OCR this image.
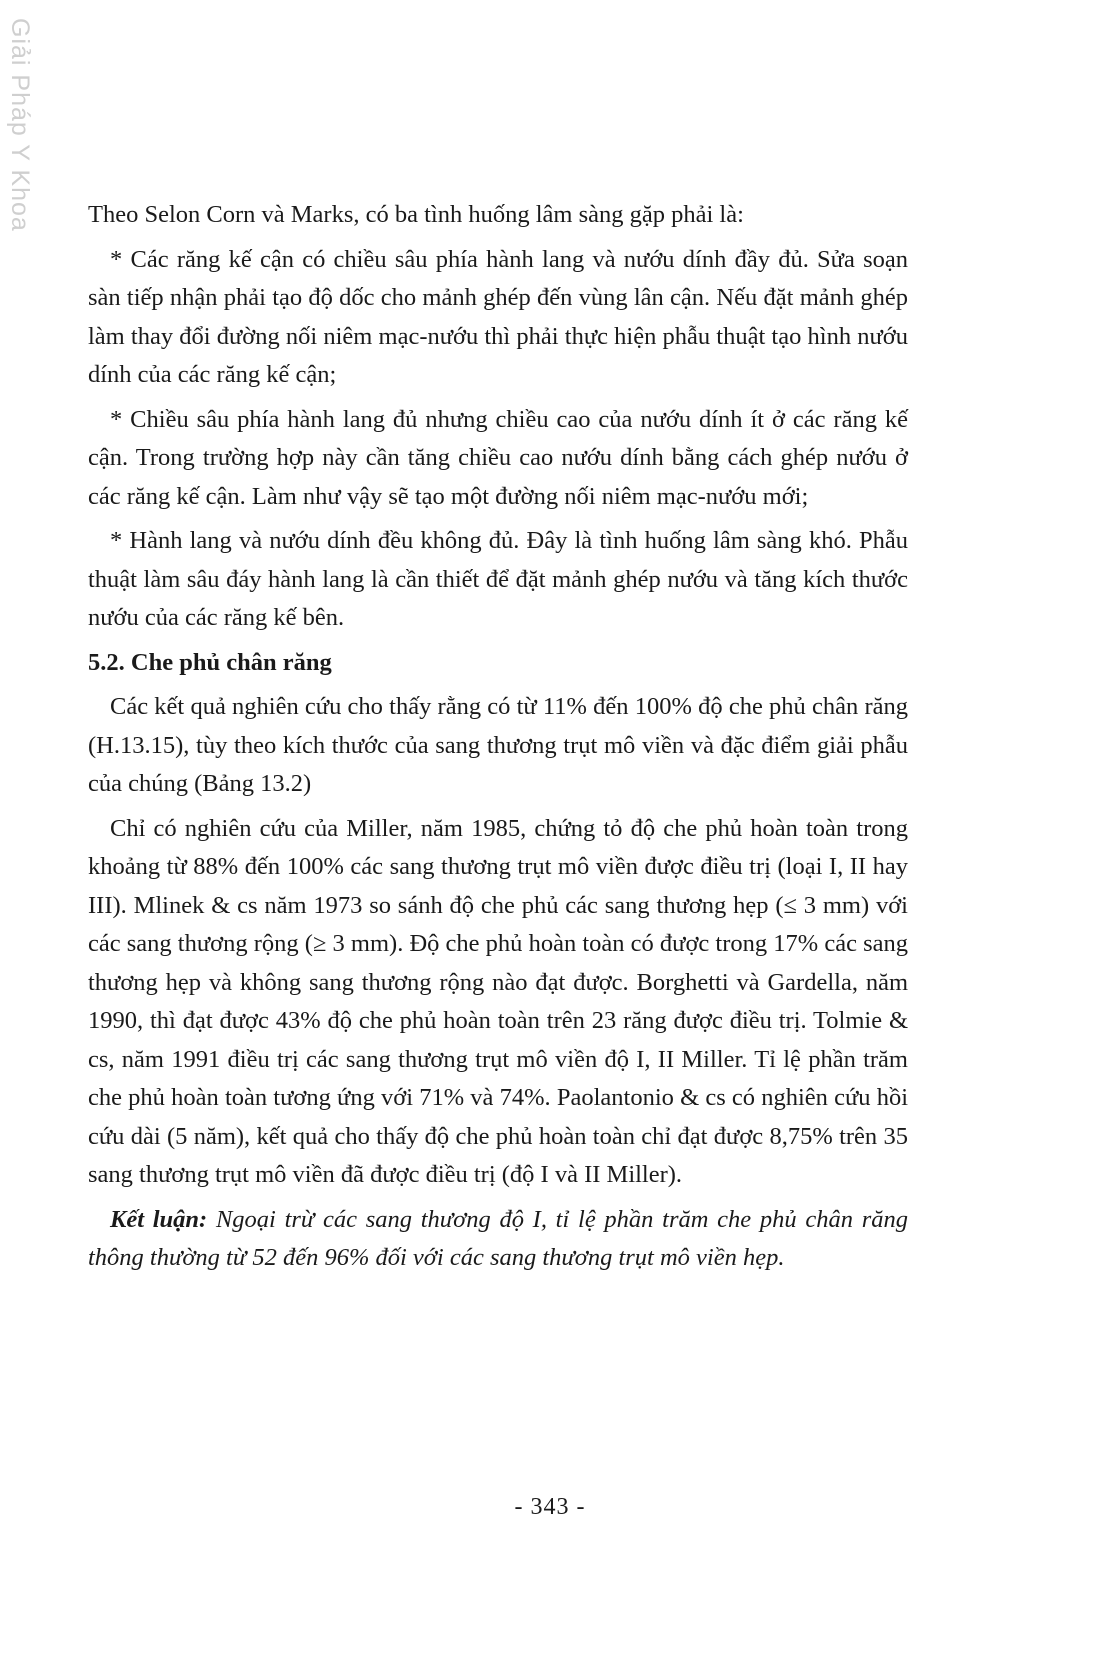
Giải Pháp Y Khoa Theo Selon Corn và Marks, có ba tình huống lâm sàng gặp phải là:

* Các răng kế cận có chiều sâu phía hành lang và nướu dính đầy đủ. Sửa soạn sàn tiếp nhận phải tạo độ dốc cho mảnh ghép đến vùng lân cận. Nếu đặt mảnh ghép làm thay đổi đường nối niêm mạc-nướu thì phải thực hiện phẫu thuật tạo hình nướu dính của các răng kế cận;

* Chiều sâu phía hành lang đủ nhưng chiều cao của nướu dính ít ở các răng kế cận. Trong trường hợp này cần tăng chiều cao nướu dính bằng cách ghép nướu ở các răng kế cận. Làm như vậy sẽ tạo một đường nối niêm mạc-nướu mới;

* Hành lang và nướu dính đều không đủ. Đây là tình huống lâm sàng khó. Phẫu thuật làm sâu đáy hành lang là cần thiết để đặt mảnh ghép nướu và tăng kích thước nướu của các răng kế bên.

5.2. Che phủ chân răng

Các kết quả nghiên cứu cho thấy rằng có từ 11% đến 100% độ che phủ chân răng (H.13.15), tùy theo kích thước của sang thương trụt mô viền và đặc điểm giải phẫu của chúng (Bảng 13.2)

Chỉ có nghiên cứu của Miller, năm 1985, chứng tỏ độ che phủ hoàn toàn trong khoảng từ 88% đến 100% các sang thương trụt mô viền được điều trị (loại I, II hay III). Mlinek & cs năm 1973 so sánh độ che phủ các sang thương hẹp (≤ 3 mm) với các sang thương rộng (≥ 3 mm). Độ che phủ hoàn toàn có được trong 17% các sang thương hẹp và không sang thương rộng nào đạt được. Borghetti và Gardella, năm 1990, thì đạt được 43% độ che phủ hoàn toàn trên 23 răng được điều trị. Tolmie & cs, năm 1991 điều trị các sang thương trụt mô viền độ I, II Miller. Tỉ lệ phần trăm che phủ hoàn toàn tương ứng với 71% và 74%. Paolantonio & cs có nghiên cứu hồi cứu dài (5 năm), kết quả cho thấy độ che phủ hoàn toàn chỉ đạt được 8,75% trên 35 sang thương trụt mô viền đã được điều trị (độ I và II Miller).

Kết luận: Ngoại trừ các sang thương độ I, tỉ lệ phần trăm che phủ chân răng thông thường từ 52 đến 96% đối với các sang thương trụt mô viền hẹp.

- 343 -
